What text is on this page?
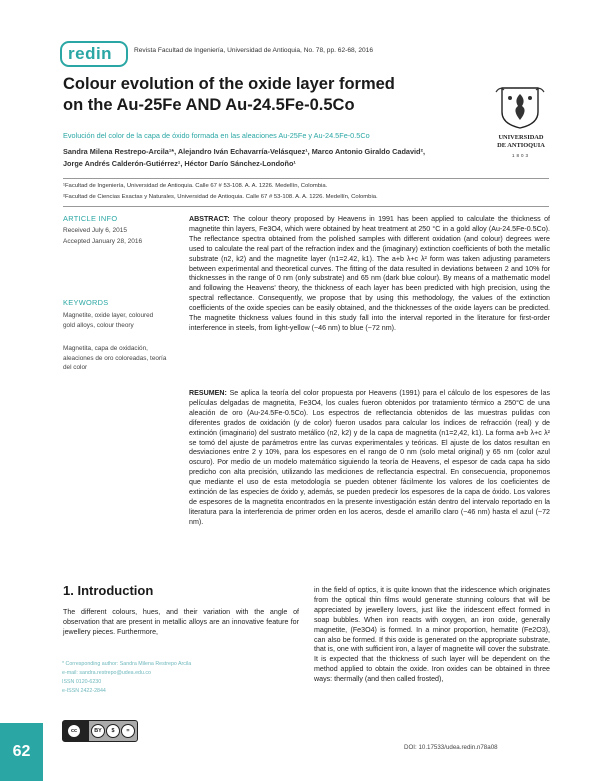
redin	Revista Facultad de Ingeniería, Universidad de Antioquia, No. 78, pp. 62-68, 2016
UNIVERSIDAD
DE ANTIOQUIA
1803
Colour evolution of the oxide layer formed
on the Au-25Fe AND Au-24.5Fe-0.5Co
Evolución del color de la capa de óxido formada en las aleaciones Au-25Fe y Au-24.5Fe-0.5Co
Sandra Milena Restrepo-Arcila¹*, Alejandro Iván Echavarría-Velásquez¹, Marco Antonio Giraldo Cadavid²,
Jorge Andrés Calderón-Gutiérrez¹, Héctor Darío Sánchez-Londoño¹
¹Facultad de Ingeniería, Universidad de Antioquia. Calle 67 # 53-108. A. A. 1226. Medellín, Colombia.
²Facultad de Ciencias Exactas y Naturales, Universidad de Antioquia. Calle 67 # 53-108. A. A. 1226. Medellín, Colombia.
ARTICLE INFO
Received July 6, 2015
Accepted January 28, 2016
KEYWORDS
Magnetite, oxide layer, coloured gold alloys, colour theory
Magnetita, capa de oxidación, aleaciones de oro coloreadas, teoría del color
ABSTRACT: The colour theory proposed by Heavens in 1991 has been applied to calculate the thickness of magnetite thin layers, Fe3O4, which were obtained by heat treatment at 250 °C in a gold alloy (Au-24.5Fe-0.5Co). The reflectance spectra obtained from the polished samples with different oxidation (and colour) degrees were used to calculate the real part of the refraction index and the (imaginary) extinction coefficients of both the metallic substrate (n2, k2) and the magnetite layer (n1=2.42, k1). The a+b λ+c λ² form was taken adjusting parameters between experimental and theoretical curves. The fitting of the data resulted in deviations between 2 and 10% for thicknesses in the range of 0 nm (only substrate) and 65 nm (dark blue colour). By means of a mathematic model and following the Heavens' theory, the thickness of each layer has been predicted with high precision, using the spectral reflectance. Consequently, we propose that by using this methodology, the values of the extinction coefficients of the oxide species can be easily obtained, and the thicknesses of the oxide layers can be predicted. The magnetite thickness values found in this study fall into the interval reported in the literature for first-order interference in steels, from light-yellow (~46 nm) to blue (~72 nm).
RESUMEN: Se aplica la teoría del color propuesta por Heavens (1991) para el cálculo de los espesores de las películas delgadas de magnetita, Fe3O4, los cuales fueron obtenidos por tratamiento térmico a 250°C de una aleación de oro (Au-24.5Fe-0.5Co). Los espectros de reflectancia obtenidos de las muestras pulidas con diferentes grados de oxidación (y de color) fueron usados para calcular los índices de refracción (real) y de extinción (imaginario) del sustrato metálico (n2, k2) y de la capa de magnetita (n1=2,42, k1). La forma a+b λ+c λ² se tomó del ajuste de parámetros entre las curvas experimentales y teóricas. El ajuste de los datos resultan en desviaciones entre 2 y 10%, para los espesores en el rango de 0 nm (solo metal original) y 65 nm (color azul oscuro). Por medio de un modelo matemático siguiendo la teoría de Heavens, el espesor de cada capa ha sido predicho con alta precisión, utilizando las mediciones de reflectancia espectral. En consecuencia, proponemos que mediante el uso de esta metodología se pueden obtener fácilmente los valores de los coeficientes de extinción de las especies de óxido y, además, se pueden predecir los espesores de la capa de óxido. Los valores de espesores de la magnetita encontrados en la presente investigación están dentro del intervalo reportado en la literatura para la interferencia de primer orden en los aceros, desde el amarillo claro (~46 nm) hasta el azul (~72 nm).
1. Introduction
The different colours, hues, and their variation with the angle of observation that are present in metallic alloys are an innovative feature for jewellery pieces. Furthermore,
in the field of optics, it is quite known that the iridescence which originates from the optical thin films would generate stunning colours that will be appreciated by jewellery lovers, just like the iridescent effect formed in soap bubbles. When iron reacts with oxygen, an iron oxide, generally magnetite, (Fe3O4) is formed. In a minor proportion, hematite (Fe2O3), can also be formed. If this oxide is generated on the appropriate substrate, that is, one with sufficient iron, a layer of magnetite will cover the substrate. It is expected that the thickness of such layer will be dependent on the method applied to obtain the oxide. Iron oxides can be obtained in three ways: thermally (and then called frosted),
* Corresponding author: Sandra Milena Restrepo Arcila
e-mail: sandra.restrepo@udea.edu.co
ISSN 0120-6230
e-ISSN 2422-2844
cc	BY	$	=
62	DOI: 10.17533/udea.redin.n78a08
